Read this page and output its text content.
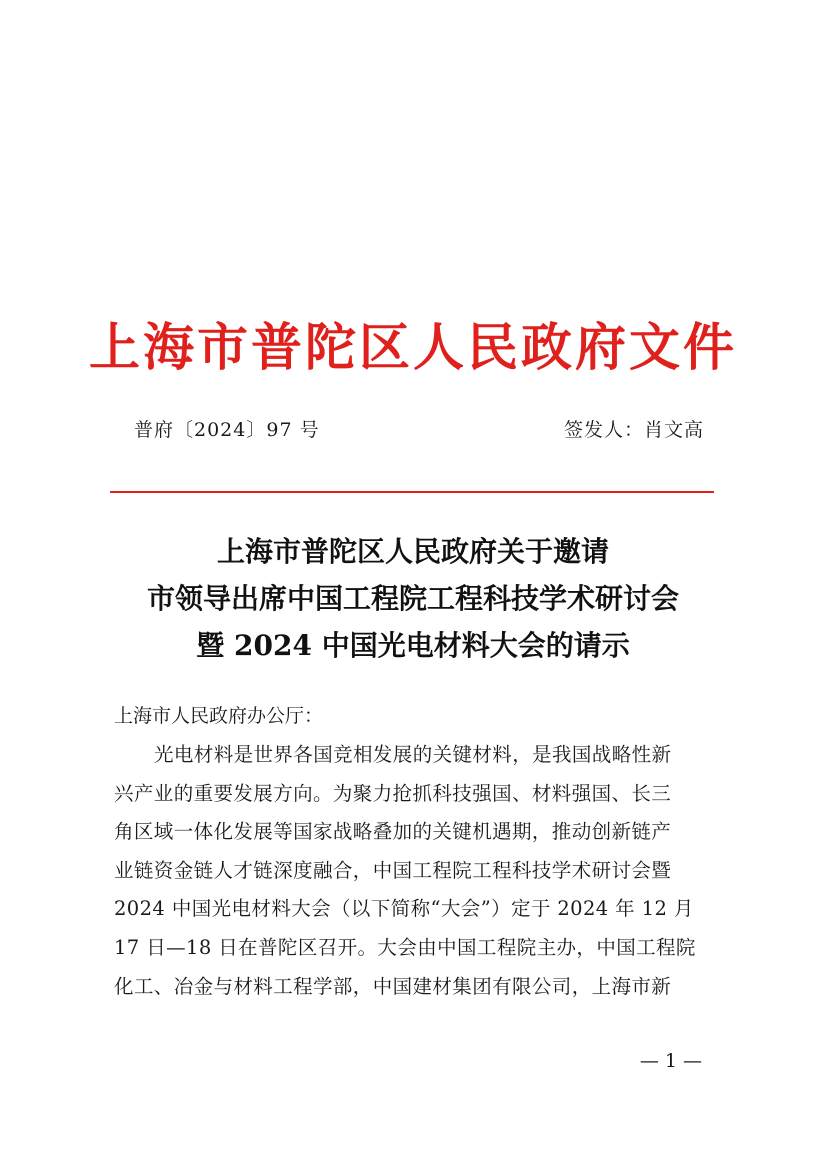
上海市普陀区人民政府文件
普府〔2024〕97 号	签发人：肖文高
上海市普陀区人民政府关于邀请
市领导出席中国工程院工程科技学术研讨会
暨 2024 中国光电材料大会的请示
上海市人民政府办公厅：
光电材料是世界各国竞相发展的关键材料，是我国战略性新
兴产业的重要发展方向。为聚力抢抓科技强国、材料强国、长三
角区域一体化发展等国家战略叠加的关键机遇期，推动创新链产
业链资金链人才链深度融合，中国工程院工程科技学术研讨会暨
2024 中国光电材料大会（以下简称“大会”）定于 2024 年 12 月
17 日—18 日在普陀区召开。大会由中国工程院主办，中国工程院
化工、冶金与材料工程学部，中国建材集团有限公司，上海市新
— 1 —
